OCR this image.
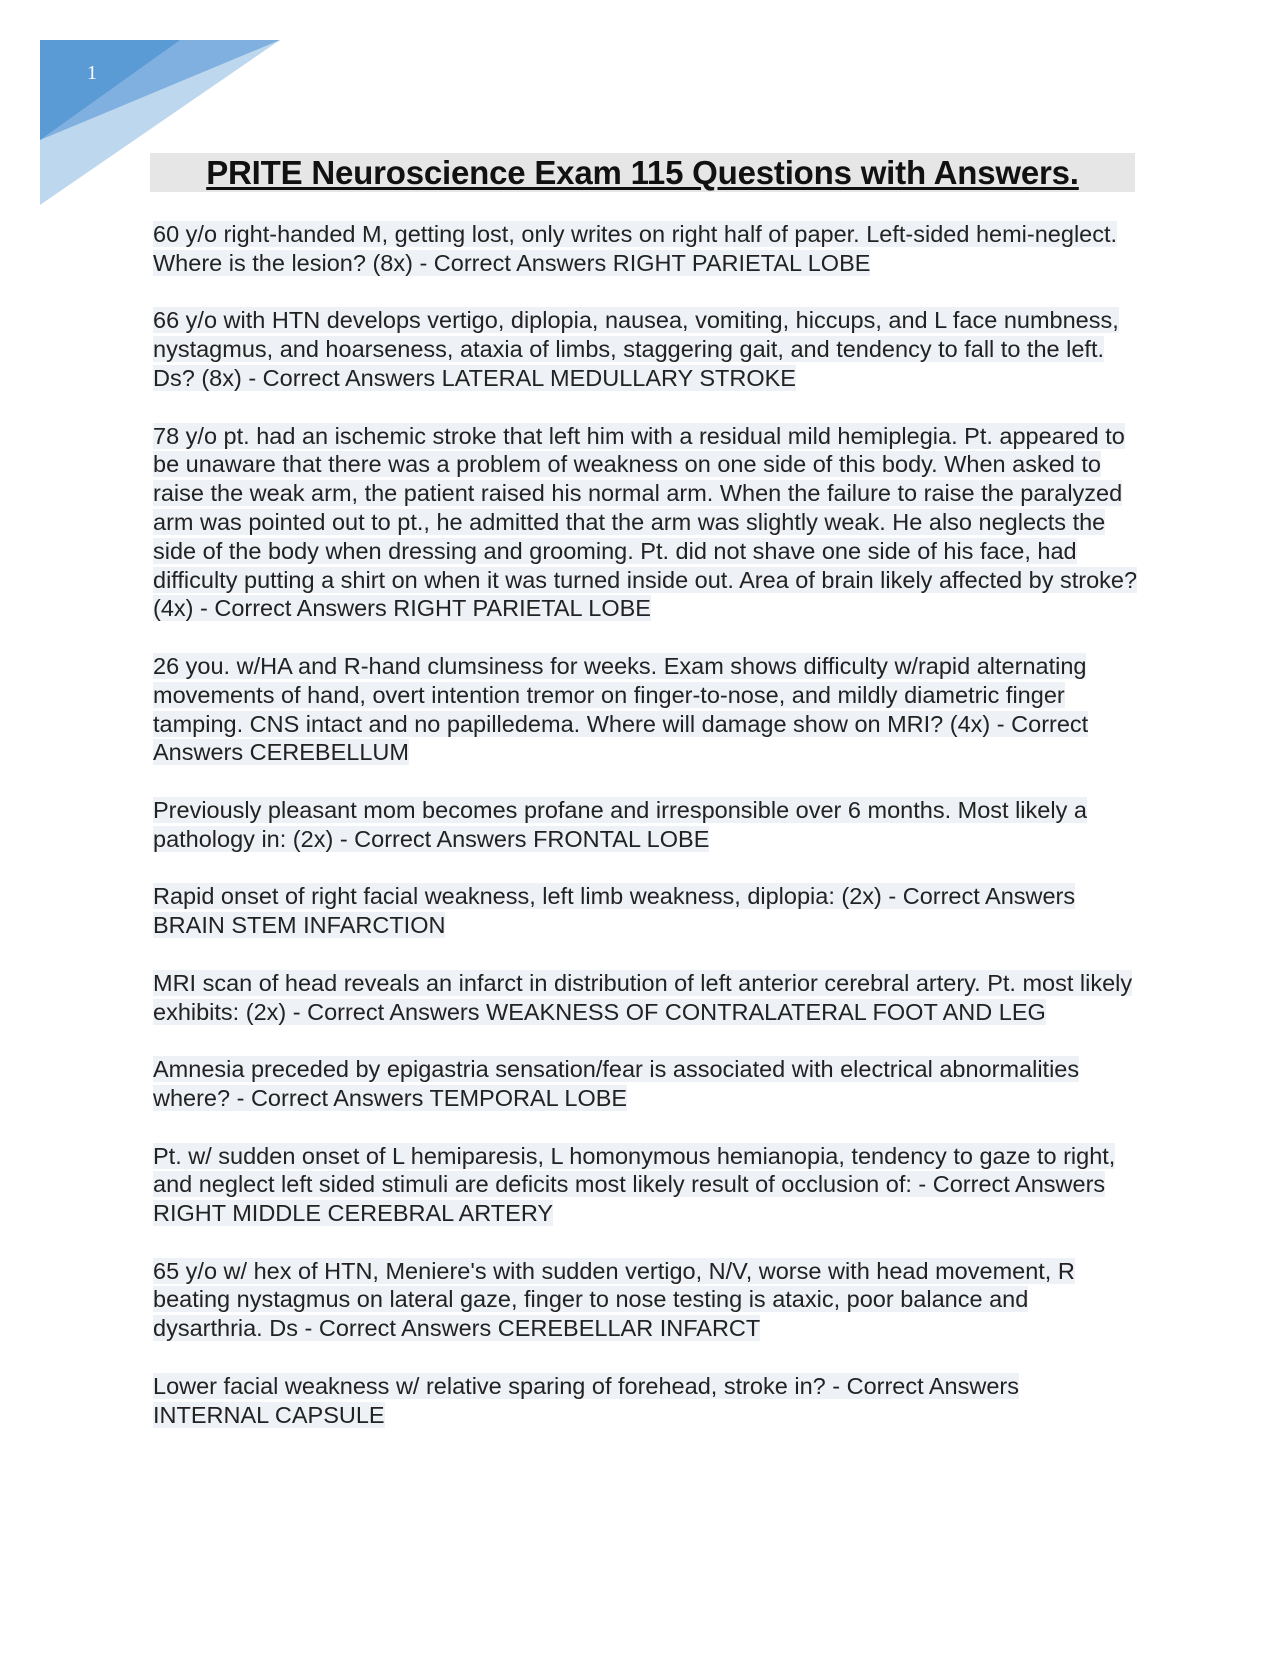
1
PRITE Neuroscience Exam 115 Questions with Answers.

60 y/o right-handed M, getting lost, only writes on right half of paper. Left-sided hemi-neglect. Where is the lesion? (8x) - Correct Answers RIGHT PARIETAL LOBE

66 y/o with HTN develops vertigo, diplopia, nausea, vomiting, hiccups, and L face numbness, nystagmus, and hoarseness, ataxia of limbs, staggering gait, and tendency to fall to the left. Ds? (8x) - Correct Answers LATERAL MEDULLARY STROKE

78 y/o pt. had an ischemic stroke that left him with a residual mild hemiplegia. Pt. appeared to be unaware that there was a problem of weakness on one side of this body. When asked to raise the weak arm, the patient raised his normal arm. When the failure to raise the paralyzed arm was pointed out to pt., he admitted that the arm was slightly weak. He also neglects the side of the body when dressing and grooming. Pt. did not shave one side of his face, had difficulty putting a shirt on when it was turned inside out. Area of brain likely affected by stroke? (4x) - Correct Answers RIGHT PARIETAL LOBE

26 you. w/HA and R-hand clumsiness for weeks. Exam shows difficulty w/rapid alternating movements of hand, overt intention tremor on finger-to-nose, and mildly diametric finger tamping. CNS intact and no papilledema. Where will damage show on MRI? (4x) - Correct Answers CEREBELLUM

Previously pleasant mom becomes profane and irresponsible over 6 months. Most likely a pathology in: (2x) - Correct Answers FRONTAL LOBE

Rapid onset of right facial weakness, left limb weakness, diplopia: (2x) - Correct Answers BRAIN STEM INFARCTION

MRI scan of head reveals an infarct in distribution of left anterior cerebral artery. Pt. most likely exhibits: (2x) - Correct Answers WEAKNESS OF CONTRALATERAL FOOT AND LEG

Amnesia preceded by epigastria sensation/fear is associated with electrical abnormalities where? - Correct Answers TEMPORAL LOBE

Pt. w/ sudden onset of L hemiparesis, L homonymous hemianopia, tendency to gaze to right, and neglect left sided stimuli are deficits most likely result of occlusion of: - Correct Answers RIGHT MIDDLE CEREBRAL ARTERY

65 y/o w/ hex of HTN, Meniere's with sudden vertigo, N/V, worse with head movement, R beating nystagmus on lateral gaze, finger to nose testing is ataxic, poor balance and dysarthria. Ds - Correct Answers CEREBELLAR INFARCT

Lower facial weakness w/ relative sparing of forehead, stroke in? - Correct Answers INTERNAL CAPSULE
